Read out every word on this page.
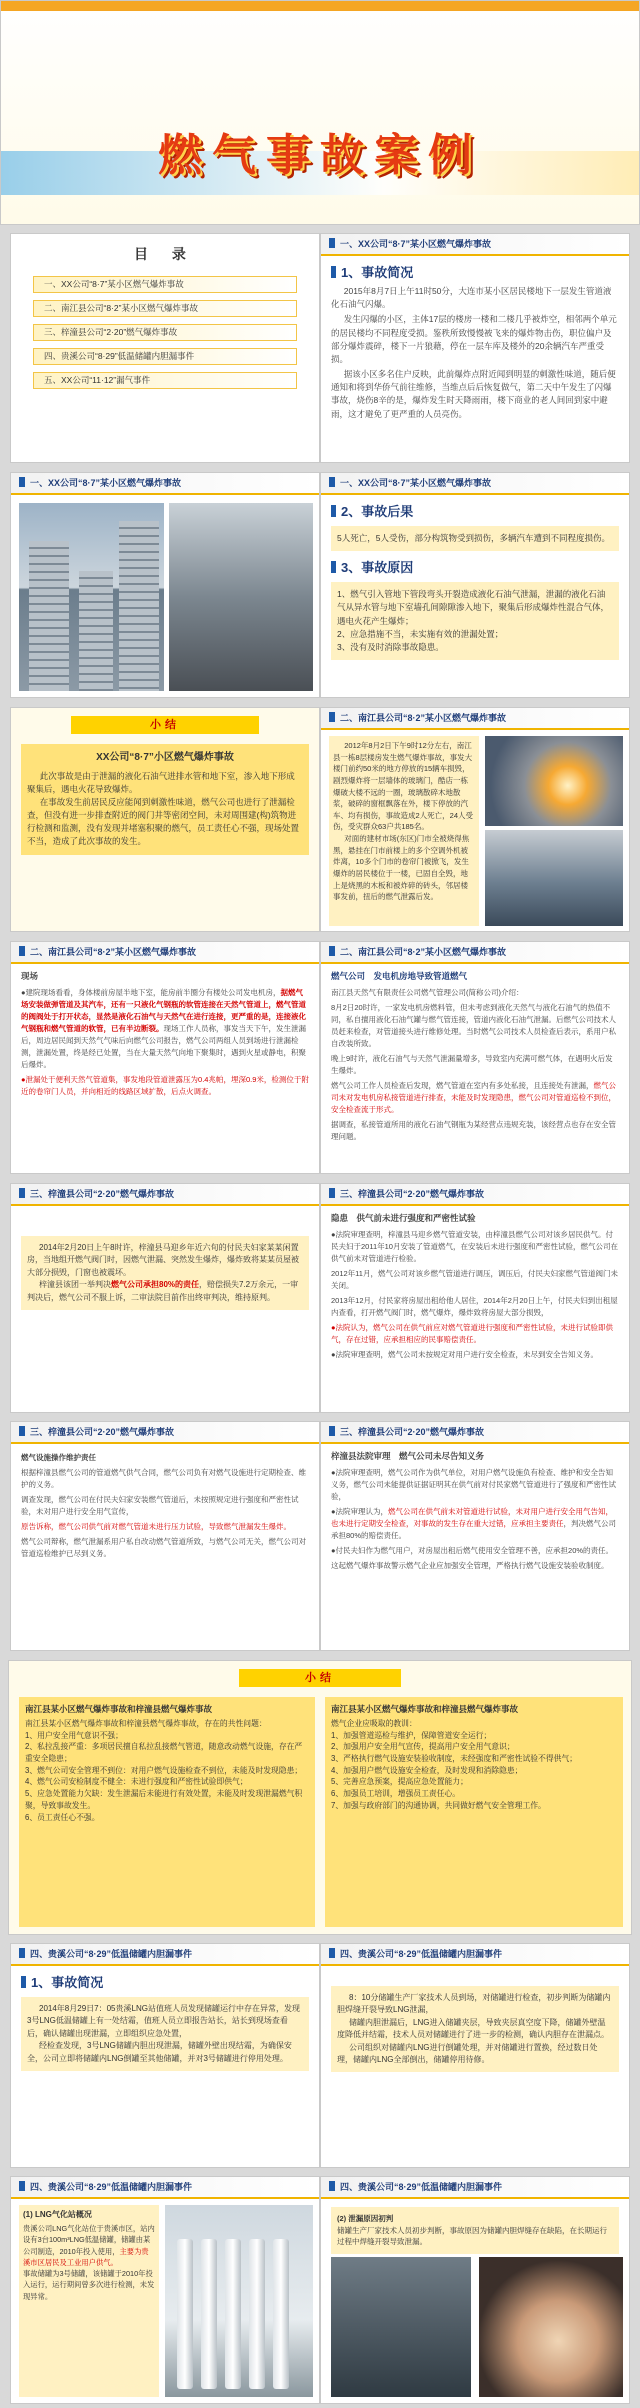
燃气事故案例
目 录
一、XX公司“8·7”某小区燃气爆炸事故
二、南江县公司“8·2”某小区燃气爆炸事故
三、梓潼县公司“2·20”燃气爆炸事故
四、贵溪公司“8·29”低温储罐内胆漏事件
五、XX公司“11·12”漏气事件
一、XX公司“8·7”某小区燃气爆炸事故
1、事故简况

2015年8月7日上午11时50分，大连市某小区居民楼地下一层发生管道液化石油气闪爆。

发生闪爆的小区，主体17层的楼房一楼和二楼几乎被炸空，相邻两个单元的居民楼均不同程度受损。鉴秩所致慢慢被飞来的爆炸物击伤，职位偏户及部分爆炸震碎，楼下一片狼藉，停在一层车库及楼外的20余辆汽车严重受损。

据该小区多名住户反映，此前爆炸点附近闻到明显的刺激性味道，随后便通知和将到华侨气前往维修，当维点后后恢复做气，第二天中午发生了闪爆事故，烧伤8辛的是，爆炸发生时天降雨雨，楼下商业的老人间回到家中避雨，这才避免了更严重的人员亮伤。

一、XX公司“8·7”某小区燃气爆炸事故	一、XX公司“8·7”某小区燃气爆炸事故
2、事故后果
5人死亡，5人受伤，部分构筑物受到损伤，多辆汽车遭到不同程度损伤。
3、事故原因

1、燃气引入管地下管段弯头开裂造成液化石油气泄漏，泄漏的液化石油气从异水管与地下室墙孔间隙隙渗入地下，聚集后形成爆炸性混合气体，遇电火花产生爆炸；

2、应急措施不当，未实施有效的泄漏处置；

3、没有及时消除事故隐患。

小结

XX公司“8·7”小区燃气爆炸事故

此次事故是由于泄漏的液化石油气进排水管和地下室，渗入地下形成聚集后，遇电火花导致爆炸。

在事故发生前居民反应能闻到刺激性味道，燃气公司也进行了泄漏检查，但没有进一步排查附近的阀门井等密闭空间，未对周围建(构)筑物进行检测和监测，没有发现并堵塞积聚的燃气，员工责任心不强，现场处置不当，造成了此次事故的发生。

二、南江县公司“8·2”某小区燃气爆炸事故

2012年8月2日下午9时12分左右，南江县一栋8层楼房发生燃气爆炸事故，事发大楼门前约50米的地方停放的15辆车损毁，剧烈爆炸将一层墙体的玻璃门，酷店一栋爆破大楼不远的一圈，玻璃散碎木地散浆，破碎的窗框飘落在外，楼下停放的汽车、均有损伤，事故造成2人死亡，24人受伤，受灾群众63户共185名。

对面的建材市场(东区)门市全被烧得焦黑，悬挂在门市前楼上的多个空调外机被炸离，10多个门市的卷帘门被掀飞，发生爆炸的居民楼位于一楼，已固自全毁，地上是烧黑的木板和被炸碎的砖头，邻居楼事发前，扭后的燃气泄露后发。

二、南江县公司“8·2”某小区燃气爆炸事故

现场

●建院现场看看，身体楼前房屋半地下室，能房前半圈分有楼处公司发电机房，据燃气场安装做弹管道及其汽车，还有一只液化气钢瓶的软管连接在天然气管道上，燃气管道的阀阀处于打开状态，显然是液化石油气与天然气在进行连接，更严重的是，连接液化气钢瓶和燃气管道的软管，已有半边断裂。现场工作人员称，事发当天下午，发生泄漏后，周边居民闻到天然气气味后向燃气公司报告，燃气公司两组人员到场进行泄漏检测，泄漏处置，终是经已处置，当在大量天然气向地下聚集时，遇到火星或静电，积聚后爆炸。

●泄漏处于便利天然气管道集，事发地段管道泄露压为0.4兆帕，埋深0.9米，检测位于附近的卷帘门人员，并向相近的线路区域扩散，后点火调查。

二、南江县公司“8·2”某小区燃气爆炸事故

燃气公司　发电机房地导致管道燃气

南江县天然气有限责任公司燃气管理公司(简称公司)介绍：

8月2日20时许，一家发电机房燃料管，但未考虑到液化天然气与液化石油气的热值不同，私自擅用液化石油气罐与燃气管连接，管道内液化石油气泄漏。后燃气公司技术人员赶来检查，对管道接头进行维修处理。当时燃气公司技术人员检查后表示，系用户私自改装所致。

晚上9时许，液化石油气与天然气泄漏量增多，导致室内充满可燃气体，在遇明火后发生爆炸。

燃气公司工作人员检查后发现，燃气管道在室内有多处私接，且连接处有泄漏，燃气公司未对发电机房私接管道进行排查，未能及时发现隐患，燃气公司对管道巡检不到位，安全检查流于形式。

据调查，私接管道所用的液化石油气钢瓶为某经营点违规充装，该经营点也存在安全管理问题。

三、梓潼县公司“2·20”燃气爆炸事故

2014年2月20日上午8时许，梓潼县马迎乡年近六旬的付民夫妇家某某闲置房，当地组开燃气阀门时，因燃气泄漏、突然发生爆炸，爆炸致将某某员屋被大部分损毁，门窗也被震坏。

梓潼县该团一举判决燃气公司承担80%的责任，赔偿损失7.2万余元，一审判决后，燃气公司不服上诉，二审法院目前作出终审判决，维持原判。

三、梓潼县公司“2·20”燃气爆炸事故

隐患　供气前未进行强度和严密性试验

●法院审理查明，梓潼县马迎乡燃气管道安装，由梓潼县燃气公司对该乡居民供气。付民夫妇于2011年10月安装了管道燃气，在安装后未进行强度和严密性试验，燃气公司在供气前未对管道进行检验。

2012年11月，燃气公司对该乡燃气管道进行调压，调压后，付民夫妇家燃气管道阀门未关闭。

2013年12月，付民家将房屋出租给他人居住，2014年2月20日上午，付民夫妇到出租屋内查看，打开燃气阀门时，燃气爆炸，爆炸致将房屋大部分损毁，

●法院认为，燃气公司在供气前应对燃气管道进行强度和严密性试验，未进行试验即供气，存在过错，应承担相应的民事赔偿责任。

●法院审理查明，燃气公司未按规定对用户进行安全检查，未尽到安全告知义务。

三、梓潼县公司“2·20”燃气爆炸事故

燃气设施操作维护责任

根据梓潼县燃气公司的管道燃气供气合同，燃气公司负有对燃气设施进行定期检查、维护的义务。

调查发现，燃气公司在付民夫妇家安装燃气管道后，未按照规定进行强度和严密性试验，未对用户进行安全用气宣传，

原告诉称，燃气公司供气前对燃气管道未进行压力试验，导致燃气泄漏发生爆炸。

燃气公司辩称，燃气泄漏系用户私自改动燃气管道所致，与燃气公司无关，燃气公司对管道巡检维护已尽到义务。

三、梓潼县公司“2·20”燃气爆炸事故

梓潼县法院审理　燃气公司未尽告知义务

●法院审理查明，燃气公司作为供气单位，对用户燃气设施负有检查、维护和安全告知义务，燃气公司未能提供证据证明其在供气前对付民家燃气管道进行了强度和严密性试验，

●法院审理认为，燃气公司在供气前未对管道进行试验，未对用户进行安全用气告知，也未进行定期安全检查，对事故的发生存在重大过错，应承担主要责任，判决燃气公司承担80%的赔偿责任。

●付民夫妇作为燃气用户，对房屋出租后燃气使用安全管理不善，应承担20%的责任。

这起燃气爆炸事故警示燃气企业应加强安全管理，严格执行燃气设施安装验收制度。

小结

南江县某小区燃气爆炸事故和梓潼县燃气爆炸事故

南江县某小区燃气爆炸事故和梓潼县燃气爆炸事故，存在的共性问题：

1、用户安全用气意识不强；

2、私拉乱接严重：多项居民擅自私拉乱接燃气管道，随意改动燃气设施，存在严重安全隐患；

3、燃气公司安全管理不到位：对用户燃气设施检查不到位，未能及时发现隐患；

4、燃气公司安检制度不健全：未进行强度和严密性试验即供气；

5、应急处置能力欠缺：发生泄漏后未能进行有效处置，未能及时发现泄漏燃气积聚，导致事故发生。

6、员工责任心不强。

南江县某小区燃气爆炸事故和梓潼县燃气爆炸事故

燃气企业应吸取的教训：

1、加强管道巡检与维护，保障管道安全运行；

2、加强用户安全用气宣传，提高用户安全用气意识；

3、严格执行燃气设施安装验收制度，未经强度和严密性试验不得供气；

4、加强用户燃气设施安全检查，及时发现和消除隐患；

5、完善应急预案，提高应急处置能力；

6、加强员工培训，增强员工责任心。

7、加强与政府部门的沟通协调，共同做好燃气安全管理工作。

四、贵溪公司“8·29”低温储罐内胆漏事件
1、事故简况

2014年8月29日7：05贵溪LNG站值班人员发现储罐运行中存在异常，发现3号LNG低温储罐上有一处结霜，值班人员立即报告站长，站长到现场查看后，确认储罐出现泄漏，立即组织应急处置，

经检查发现，3号LNG储罐内胆出现泄漏，储罐外壁出现结霜，为确保安全，公司立即将储罐内LNG倒罐至其他储罐，并对3号储罐进行停用处理。

四、贵溪公司“8·29”低温储罐内胆漏事件

8：10分储罐生产厂家技术人员到场，对储罐进行检查，初步判断为储罐内胆焊缝开裂导致LNG泄漏，

储罐内胆泄漏后，LNG进入储罐夹层，导致夹层真空度下降，储罐外壁温度降低并结霜，技术人员对储罐进行了进一步的检测，确认内胆存在泄漏点。

公司组织对储罐内LNG进行倒罐处理，并对储罐进行置换，经过数日处理，储罐内LNG全部倒出，储罐停用待修。

四、贵溪公司“8·29”低温储罐内胆漏事件

(1) LNG气化站概况

贵溪公司LNG气化站位于贵溪市区，站内设有3台100m³LNG低温储罐，储罐由某公司制造，2010年投入使用，主要为贵溪市区居民及工业用户供气。

事故储罐为3号储罐，该储罐于2010年投入运行，运行期间曾多次进行检测，未发现异常。

四、贵溪公司“8·29”低温储罐内胆漏事件

(2) 泄漏原因初判

储罐生产厂家技术人员初步判断，事故原因为储罐内胆焊缝存在缺陷，在长期运行过程中焊缝开裂导致泄漏。
